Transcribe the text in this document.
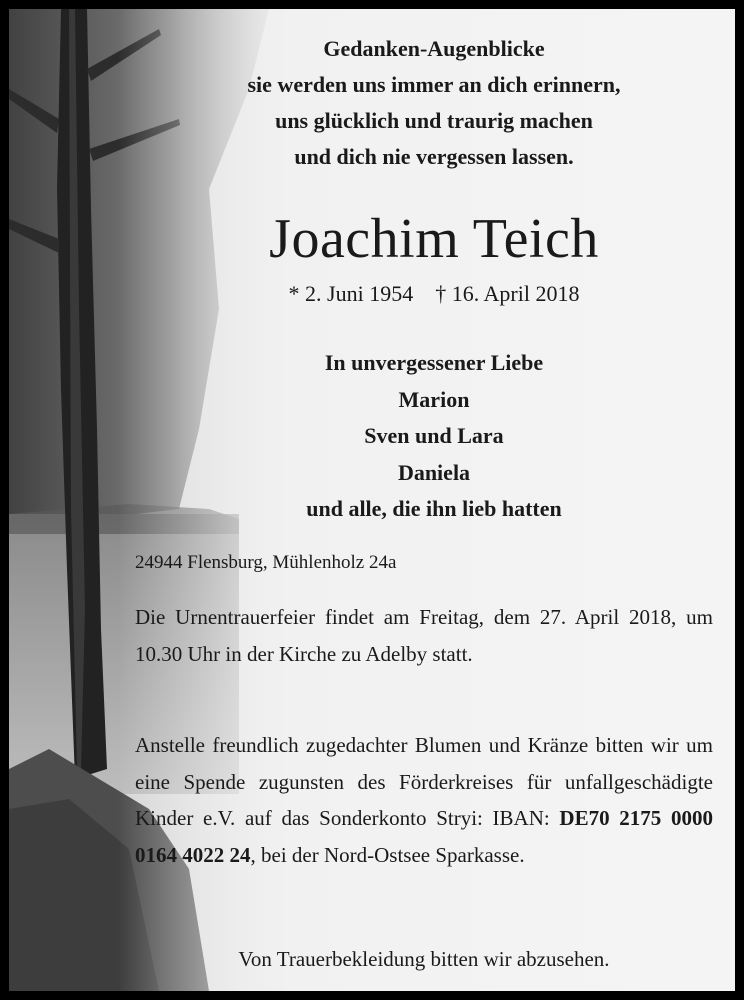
Gedanken-Augenblicke
sie werden uns immer an dich erinnern,
uns glücklich und traurig machen
und dich nie vergessen lassen.
Joachim Teich
* 2. Juni 1954 † 16. April 2018
In unvergessener Liebe
Marion
Sven und Lara
Daniela
und alle, die ihn lieb hatten
24944 Flensburg, Mühlenholz 24a
Die Urnentrauerfeier findet am Freitag, dem 27. April 2018, um 10.30 Uhr in der Kirche zu Adelby statt.
Anstelle freundlich zugedachter Blumen und Kränze bitten wir um eine Spende zugunsten des Förderkreises für unfallgeschädigte Kinder e.V. auf das Sonderkonto Stryi: IBAN: DE70 2175 0000 0164 4022 24, bei der Nord-Ostsee Sparkasse.
Von Trauerbekleidung bitten wir abzusehen.
